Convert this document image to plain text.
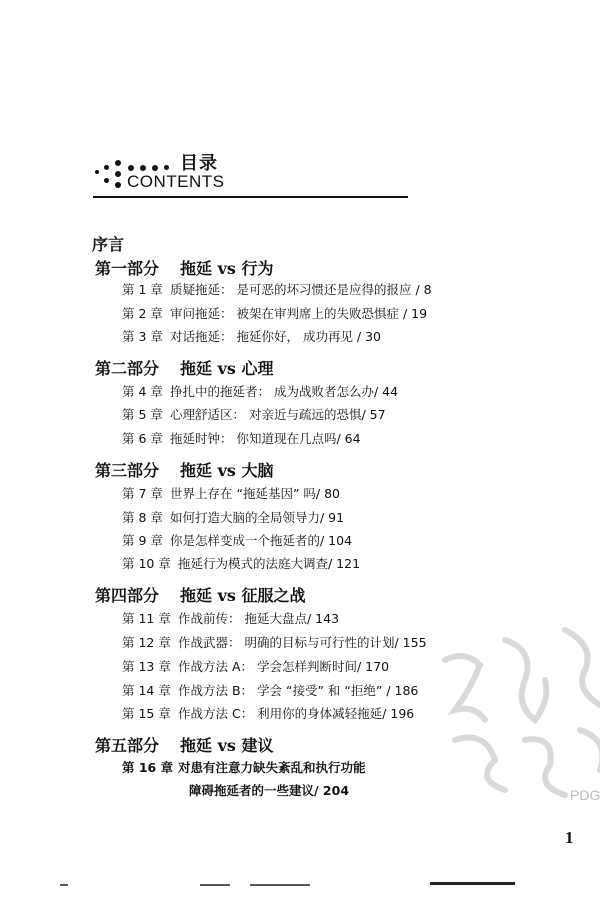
目录
CONTENTS
序言
第一部分 拖延 vs 行为
第 1 章 质疑拖延： 是可恶的坏习惯还是应得的报应 / 8
第 2 章 审问拖延： 被架在审判席上的失败恐惧症 / 19
第 3 章 对话拖延： 拖延你好， 成功再见 / 30
第二部分 拖延 vs 心理
第 4 章 挣扎中的拖延者： 成为战败者怎么办/ 44
第 5 章 心理舒适区： 对亲近与疏远的恐惧/ 57
第 6 章 拖延时钟： 你知道现在几点吗/ 64
第三部分 拖延 vs 大脑
第 7 章 世界上存在 “拖延基因” 吗/ 80
第 8 章 如何打造大脑的全局领导力/ 91
第 9 章 你是怎样变成一个拖延者的/ 104
第 10 章 拖延行为模式的法庭大调查/ 121
第四部分 拖延 vs 征服之战
第 11 章 作战前传： 拖延大盘点/ 143
第 12 章 作战武器： 明确的目标与可行性的计划/ 155
第 13 章 作战方法 A： 学会怎样判断时间/ 170
第 14 章 作战方法 B： 学会 “接受” 和 “拒绝” / 186
第 15 章 作战方法 C： 利用你的身体减轻拖延/ 196
第五部分 拖延 vs 建议
第 16 章 对患有注意力缺失紊乱和执行功能
障碍拖延者的一些建议/ 204	PDG
1
